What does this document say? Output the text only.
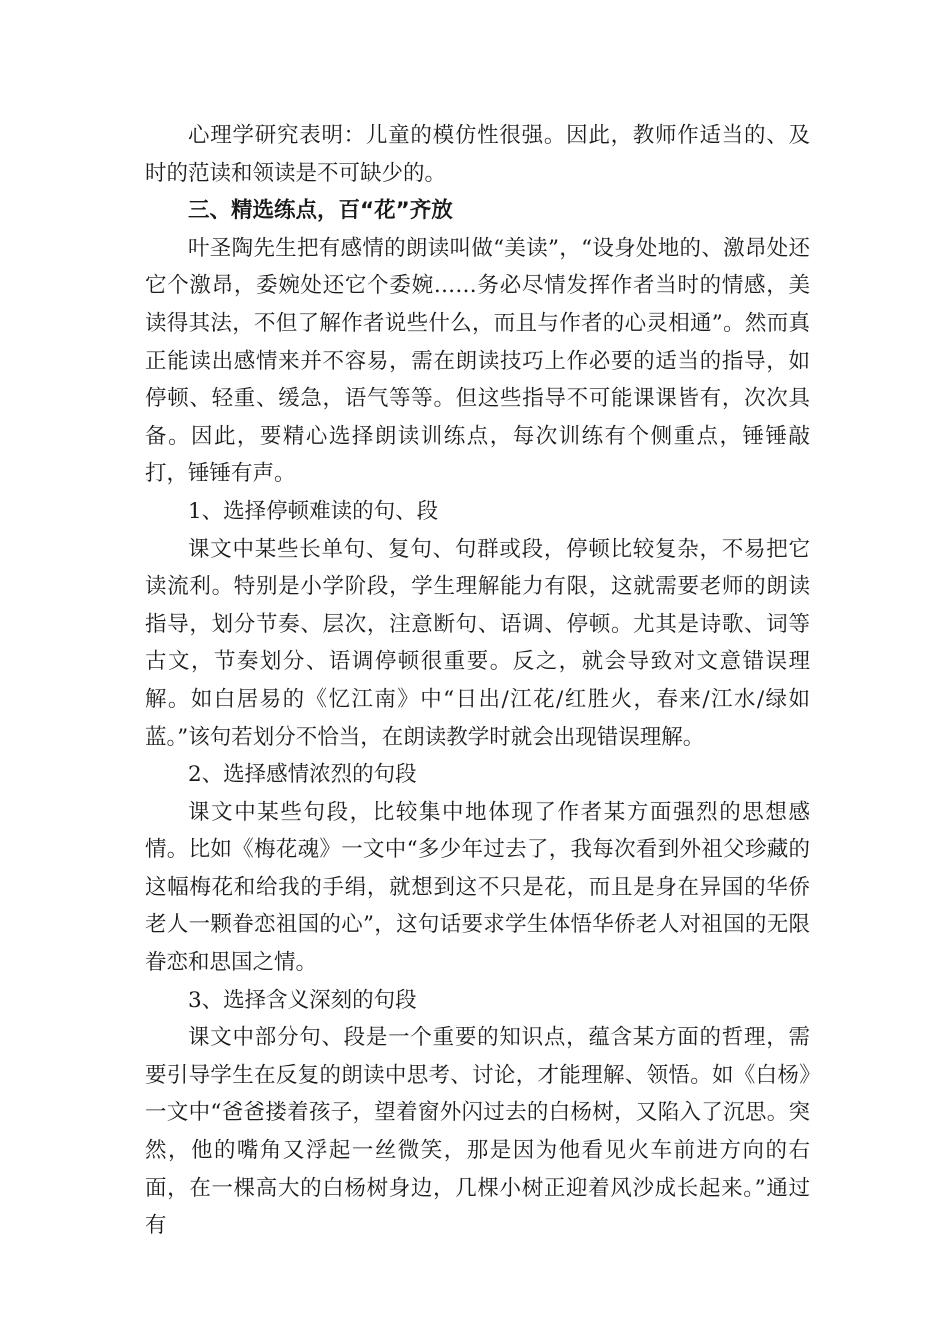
心理学研究表明：儿童的模仿性很强。因此，教师作适当的、及时的范读和领读是不可缺少的。

三、精选练点，百“花”齐放

叶圣陶先生把有感情的朗读叫做“美读”，“设身处地的、激昂处还它个激昂，委婉处还它个委婉……务必尽情发挥作者当时的情感，美读得其法，不但了解作者说些什么，而且与作者的心灵相通”。然而真正能读出感情来并不容易，需在朗读技巧上作必要的适当的指导，如停顿、轻重、缓急，语气等等。但这些指导不可能课课皆有，次次具备。因此，要精心选择朗读训练点，每次训练有个侧重点，锤锤敲打，锤锤有声。

1、选择停顿难读的句、段

课文中某些长单句、复句、句群或段，停顿比较复杂，不易把它读流利。特别是小学阶段，学生理解能力有限，这就需要老师的朗读指导，划分节奏、层次，注意断句、语调、停顿。尤其是诗歌、词等古文，节奏划分、语调停顿很重要。反之，就会导致对文意错误理解。如白居易的《忆江南》中“日出/江花/红胜火，春来/江水/绿如蓝。”该句若划分不恰当，在朗读教学时就会出现错误理解。

2、选择感情浓烈的句段

课文中某些句段，比较集中地体现了作者某方面强烈的思想感情。比如《梅花魂》一文中“多少年过去了，我每次看到外祖父珍藏的这幅梅花和给我的手绢，就想到这不只是花，而且是身在异国的华侨老人一颗眷恋祖国的心”，这句话要求学生体悟华侨老人对祖国的无限眷恋和思国之情。

3、选择含义深刻的句段

课文中部分句、段是一个重要的知识点，蕴含某方面的哲理，需要引导学生在反复的朗读中思考、讨论，才能理解、领悟。如《白杨》一文中“爸爸搂着孩子，望着窗外闪过去的白杨树，又陷入了沉思。突然，他的嘴角又浮起一丝微笑，那是因为他看见火车前进方向的右面，在一棵高大的白杨树身边，几棵小树正迎着风沙成长起来。”通过有
